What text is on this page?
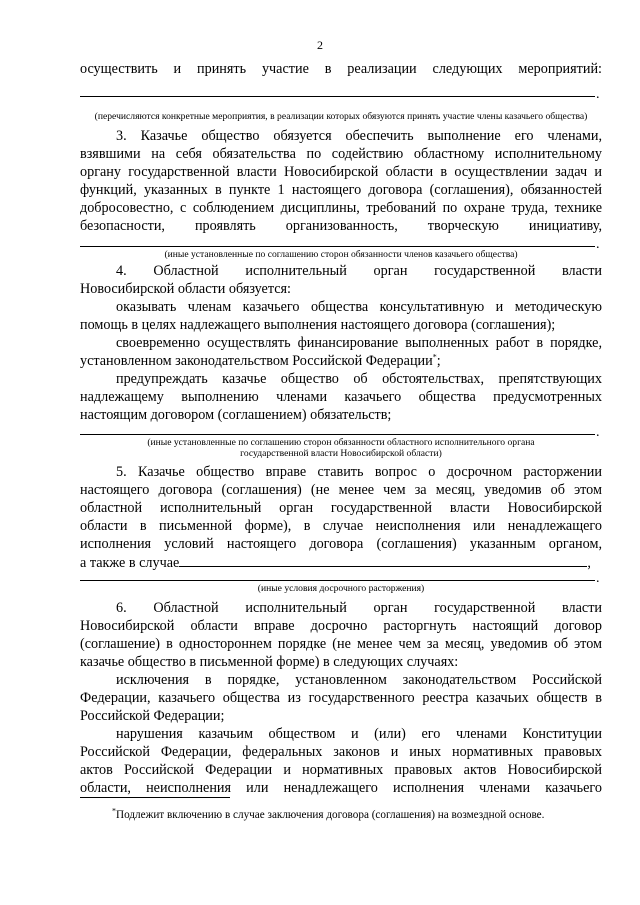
2
осуществить и принять участие в реализации следующих мероприятий:
.
(перечисляются конкретные мероприятия, в реализации которых обязуются принять участие члены казачьего общества)
3. Казачье общество обязуется обеспечить выполнение его членами,
взявшими на себя обязательства по содействию областному исполнительному
органу государственной власти Новосибирской области в осуществлении задач и
функций, указанных в пункте 1 настоящего договора (соглашения), обязанностей
добросовестно, с соблюдением дисциплины, требований по охране труда, технике
безопасности, проявлять организованность, творческую инициативу,
.
(иные установленные по соглашению сторон обязанности членов казачьего общества)
4. Областной исполнительный орган государственной власти
Новосибирской области обязуется:
оказывать членам казачьего общества консультативную и методическую
помощь в целях надлежащего выполнения настоящего договора (соглашения);
своевременно осуществлять финансирование выполненных работ в порядке,
установленном законодательством Российской Федерации*;
предупреждать казачье общество об обстоятельствах, препятствующих
надлежащему выполнению членами казачьего общества предусмотренных
настоящим договором (соглашением) обязательств;
.
(иные установленные по соглашению сторон обязанности областного исполнительного органа
государственной власти Новосибирской области)
5. Казачье общество вправе ставить вопрос о досрочном расторжении
настоящего договора (соглашения) (не менее чем за месяц, уведомив об этом
областной исполнительный орган государственной власти Новосибирской
области в письменной форме), в случае неисполнения или ненадлежащего
исполнения условий настоящего договора (соглашения) указанным органом,
а также в случае	,
.
(иные условия досрочного расторжения)
6. Областной исполнительный орган государственной власти
Новосибирской области вправе досрочно расторгнуть настоящий договор
(соглашение) в одностороннем порядке (не менее чем за месяц, уведомив об этом
казачье общество в письменной форме) в следующих случаях:
исключения в порядке, установленном законодательством Российской
Федерации, казачьего общества из государственного реестра казачьих обществ в
Российской Федерации;
нарушения казачьим обществом и (или) его членами Конституции
Российской Федерации, федеральных законов и иных нормативных правовых
актов Российской Федерации и нормативных правовых актов Новосибирской
области, неисполнения или ненадлежащего исполнения членами казачьего
*Подлежит включению в случае заключения договора (соглашения) на возмездной основе.
